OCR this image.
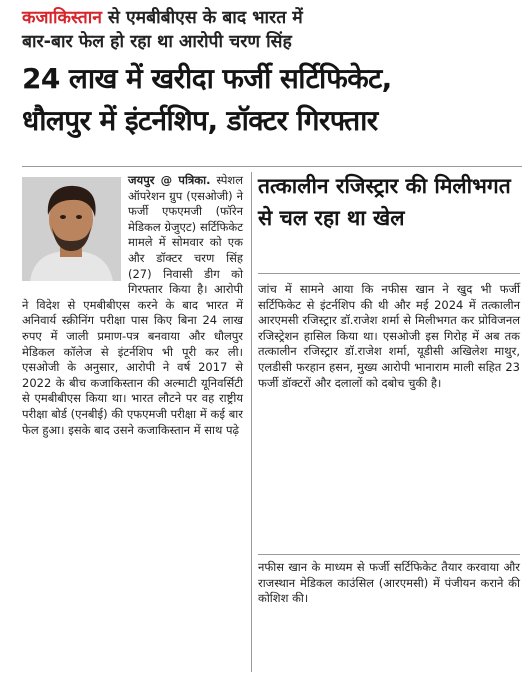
कजाकिस्तान से एमबीबीएस के बाद भारत में
बार-बार फेल हो रहा था आरोपी चरण सिंह
24 लाख में खरीदा फर्जी सर्टिफिकेट,
धौलपुर में इंटर्नशिप, डॉक्टर गिरफ्तार

जयपुर @ पत्रिका. स्पेशल ऑपरेशन ग्रुप (एसओजी) ने फर्जी एफएमजी (फॉरेन मेडिकल ग्रेजुएट) सर्टिफिकेट मामले में सोमवार को एक और डॉक्टर चरण सिंह (27) निवासी डीग को गिरफ्तार किया है। आरोपी ने विदेश से एमबीबीएस करने के बाद भारत में अनिवार्य स्क्रीनिंग परीक्षा पास किए बिना 24 लाख रुपए में जाली प्रमाण-पत्र बनवाया और धौलपुर मेडिकल कॉलेज से इंटर्नशिप भी पूरी कर ली। एसओजी के अनुसार, आरोपी ने वर्ष 2017 से 2022 के बीच कजाकिस्तान की अल्माटी यूनिवर्सिटी से एमबीबीएस किया था। भारत लौटने पर वह राष्ट्रीय परीक्षा बोर्ड (एनबीई) की एफएमजी परीक्षा में कई बार फेल हुआ। इसके बाद उसने कजाकिस्तान में साथ पढ़े

तत्कालीन रजिस्ट्रार की मिलीभगत से चल रहा था खेल

जांच में सामने आया कि नफीस खान ने खुद भी फर्जी सर्टिफिकेट से इंटर्नशिप की थी और मई 2024 में तत्कालीन आरएमसी रजिस्ट्रार डॉ.राजेश शर्मा से मिलीभगत कर प्रोविजनल रजिस्ट्रेशन हासिल किया था। एसओजी इस गिरोह में अब तक तत्कालीन रजिस्ट्रार डॉ.राजेश शर्मा, यूडीसी अखिलेश माथुर, एलडीसी फरहान हसन, मुख्य आरोपी भानाराम माली सहित 23 फर्जी डॉक्टरों और दलालों को दबोच चुकी है।

नफीस खान के माध्यम से फर्जी सर्टिफिकेट तैयार करवाया और राजस्थान मेडिकल काउंसिल (आरएमसी) में पंजीयन कराने की कोशिश की।
